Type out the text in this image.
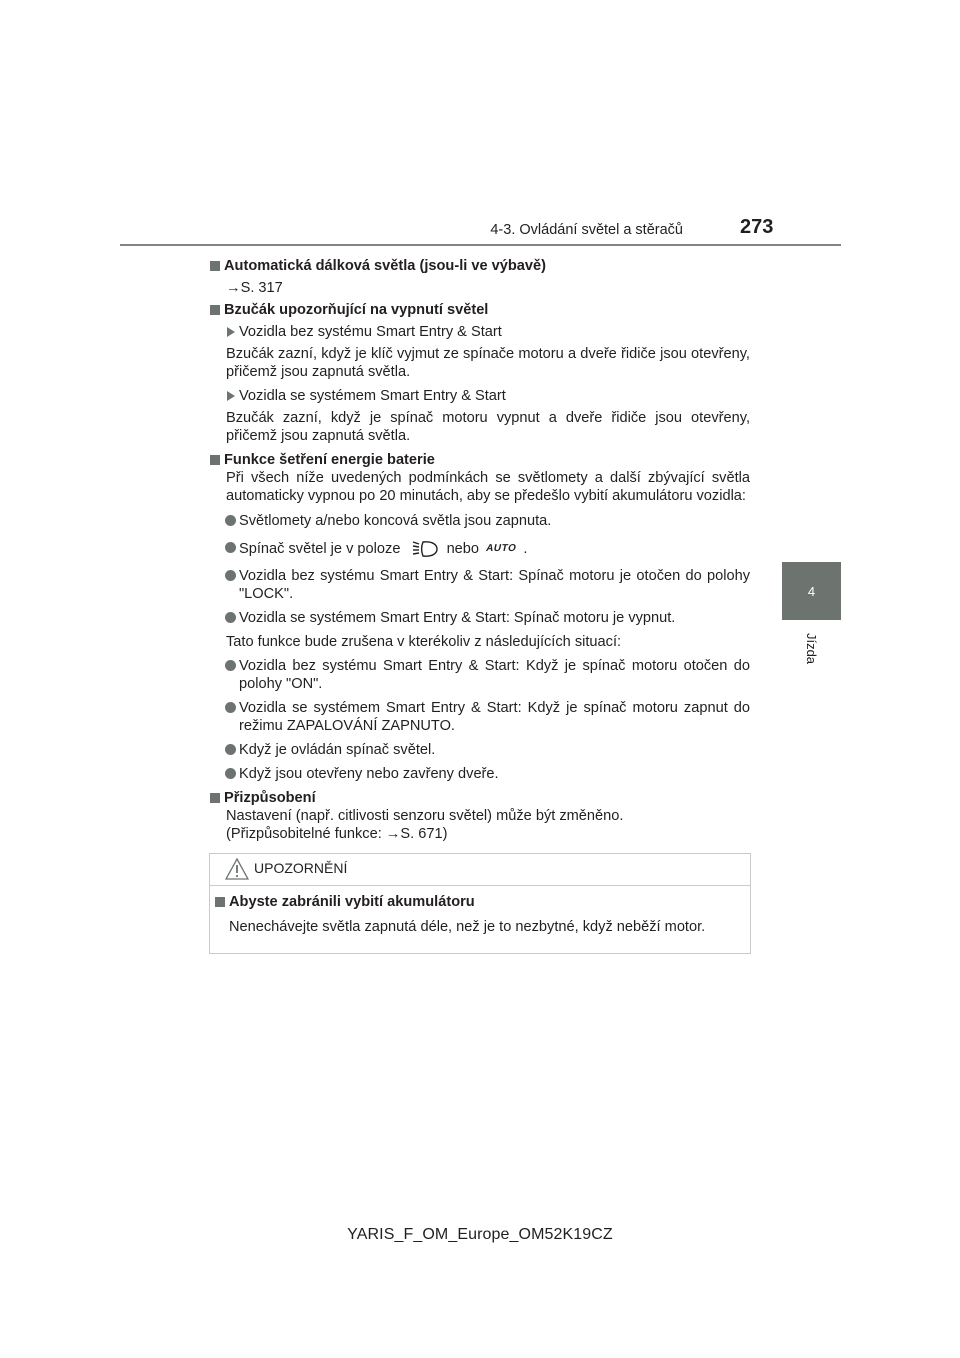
4-3. Ovládání světel a stěračů	273
4
Jízda
Automatická dálková světla (jsou-li ve výbavě)
→S. 317
Bzučák upozorňující na vypnutí světel
Vozidla bez systému Smart Entry & Start

Bzučák zazní, když je klíč vyjmut ze spínače motoru a dveře řidiče jsou otevřeny, přičemž jsou zapnutá světla.

Vozidla se systémem Smart Entry & Start

Bzučák zazní, když je spínač motoru vypnut a dveře řidiče jsou otevřeny, přičemž jsou zapnutá světla.

Funkce šetření energie baterie

Při všech níže uvedených podmínkách se světlomety a další zbývající světla automaticky vypnou po 20 minutách, aby se předešlo vybití akumulátoru vozidla:

Světlomety a/nebo koncová světla jsou zapnuta.
Spínač světel je v poloze	nebo AUTO .
Vozidla bez systému Smart Entry & Start: Spínač motoru je otočen do polohy "LOCK".
Vozidla se systémem Smart Entry & Start: Spínač motoru je vypnut.

Tato funkce bude zrušena v kterékoliv z následujících situací:

Vozidla bez systému Smart Entry & Start: Když je spínač motoru otočen do polohy "ON".
Vozidla se systémem Smart Entry & Start: Když je spínač motoru zapnut do režimu ZAPALOVÁNÍ ZAPNUTO.
Když je ovládán spínač světel.
Když jsou otevřeny nebo zavřeny dveře.
Přizpůsobení

Nastavení (např. citlivosti senzoru světel) může být změněno.

(Přizpůsobitelné funkce: →S. 671)

UPOZORNĚNÍ
Abyste zabránili vybití akumulátoru

Nenechávejte světla zapnutá déle, než je to nezbytné, když neběží motor.

YARIS_F_OM_Europe_OM52K19CZ
